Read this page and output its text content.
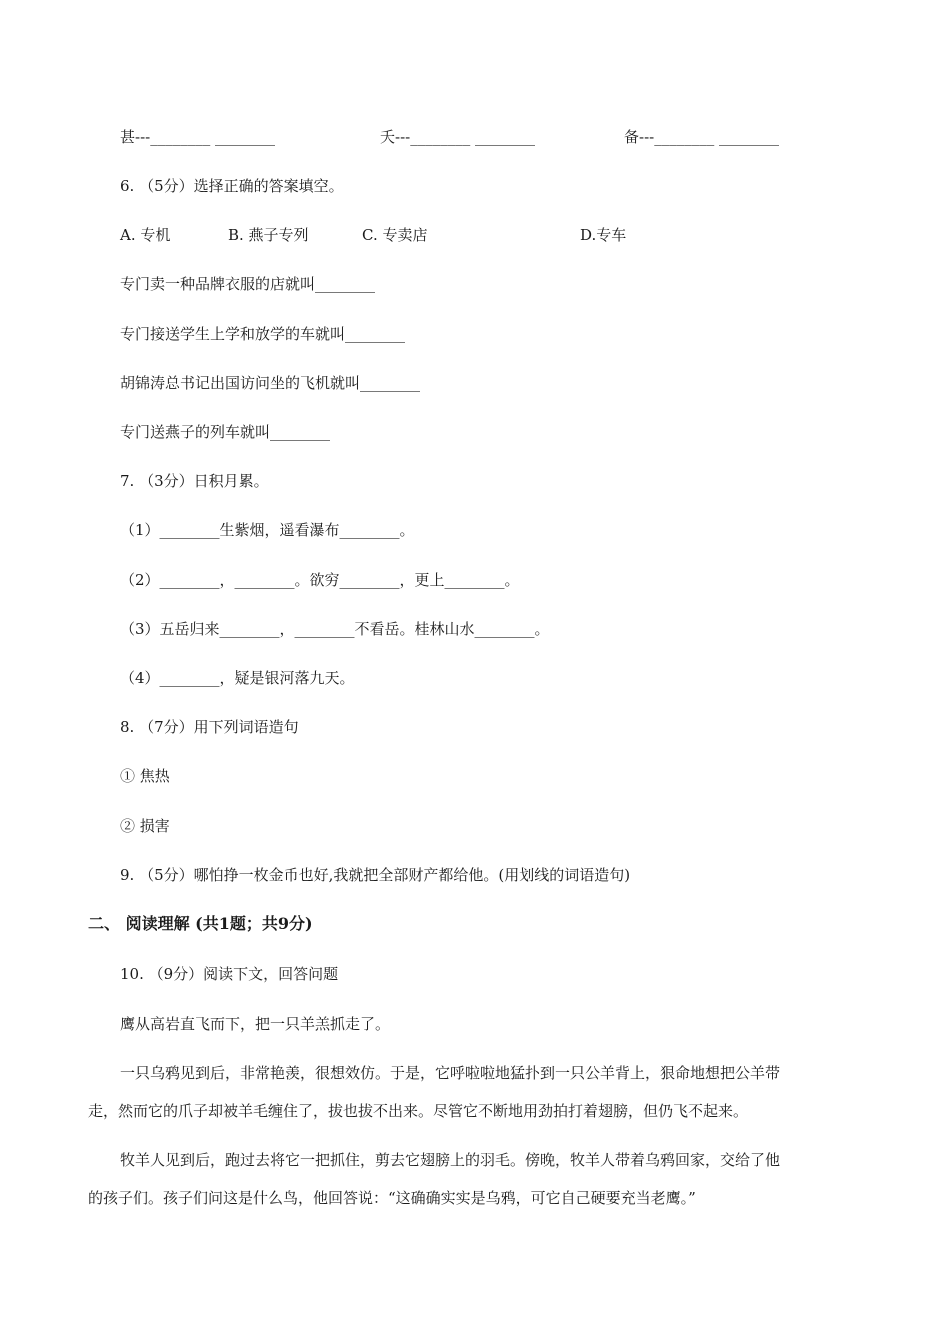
甚---________ ________	夭---________ ________	备---________ ________
6. （5分）选择正确的答案填空。
A. 专机	B. 燕子专列	C. 专卖店	D.专车
专门卖一种品牌衣服的店就叫________
专门接送学生上学和放学的车就叫________
胡锦涛总书记出国访问坐的飞机就叫________
专门送燕子的列车就叫________
7. （3分）日积月累。
（1）________生紫烟，遥看瀑布________。
（2）________，________。欲穷________，更上________。
（3）五岳归来________，________不看岳。桂林山水________。
（4）________，疑是银河落九天。
8. （7分）用下列词语造句
① 焦热
② 损害
9. （5分）哪怕挣一枚金币也好,我就把全部财产都给他。(用划线的词语造句)
二、 阅读理解 (共1题；共9分)
10. （9分）阅读下文，回答问题
鹰从高岩直飞而下，把一只羊羔抓走了。
一只乌鸦见到后，非常艳羡，很想效仿。于是，它呼啦啦地猛扑到一只公羊背上，狠命地想把公羊带
走，然而它的爪子却被羊毛缠住了，拔也拔不出来。尽管它不断地用劲拍打着翅膀，但仍飞不起来。
牧羊人见到后，跑过去将它一把抓住，剪去它翅膀上的羽毛。傍晚，牧羊人带着乌鸦回家，交给了他
的孩子们。孩子们问这是什么鸟，他回答说：“这确确实实是乌鸦，可它自己硬要充当老鹰。”
